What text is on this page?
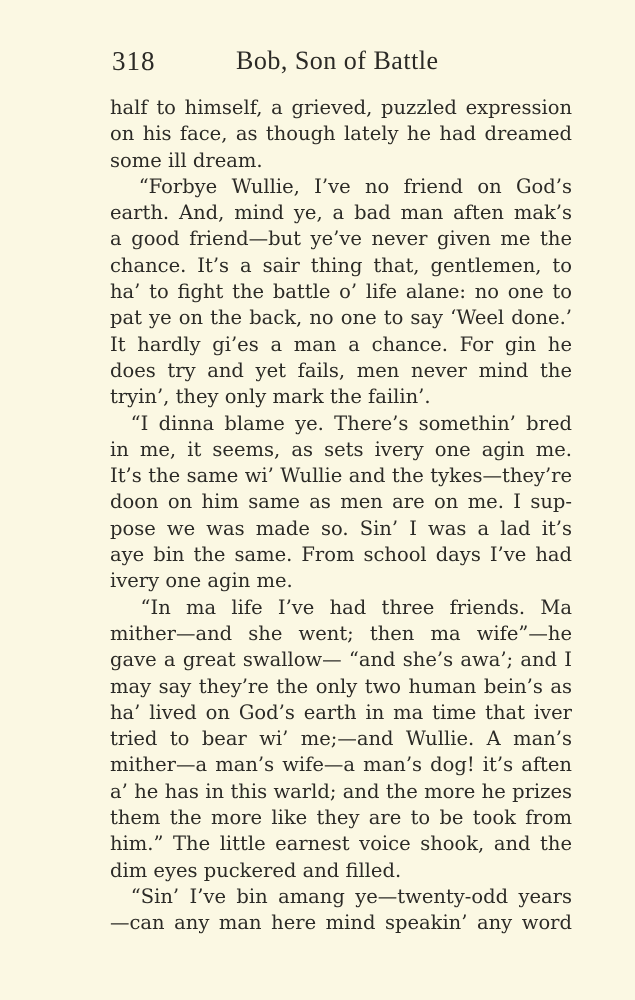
318	Bob, Son of Battle
half to himself, a grieved, puzzled expression
on his face, as though lately he had dreamed
some ill dream.
“Forbye Wullie, I’ve no friend on God’s
earth. And, mind ye, a bad man aften mak’s
a good friend—but ye’ve never given me the
chance. It’s a sair thing that, gentlemen, to
ha’ to fight the battle o’ life alane: no one to
pat ye on the back, no one to say ‘Weel done.’
It hardly gi’es a man a chance. For gin he
does try and yet fails, men never mind the
tryin’, they only mark the failin’.
“I dinna blame ye. There’s somethin’ bred
in me, it seems, as sets ivery one agin me.
It’s the same wi’ Wullie and the tykes—they’re
doon on him same as men are on me. I sup-
pose we was made so. Sin’ I was a lad it’s
aye bin the same. From school days I’ve had
ivery one agin me.
“In ma life I’ve had three friends. Ma
mither—and she went; then ma wife”—he
gave a great swallow— “and she’s awa’; and I
may say they’re the only two human bein’s as
ha’ lived on God’s earth in ma time that iver
tried to bear wi’ me;—and Wullie. A man’s
mither—a man’s wife—a man’s dog! it’s aften
a’ he has in this warld; and the more he prizes
them the more like they are to be took from
him.” The little earnest voice shook, and the
dim eyes puckered and filled.
“Sin’ I’ve bin amang ye—twenty-odd years
—can any man here mind speakin’ any word
